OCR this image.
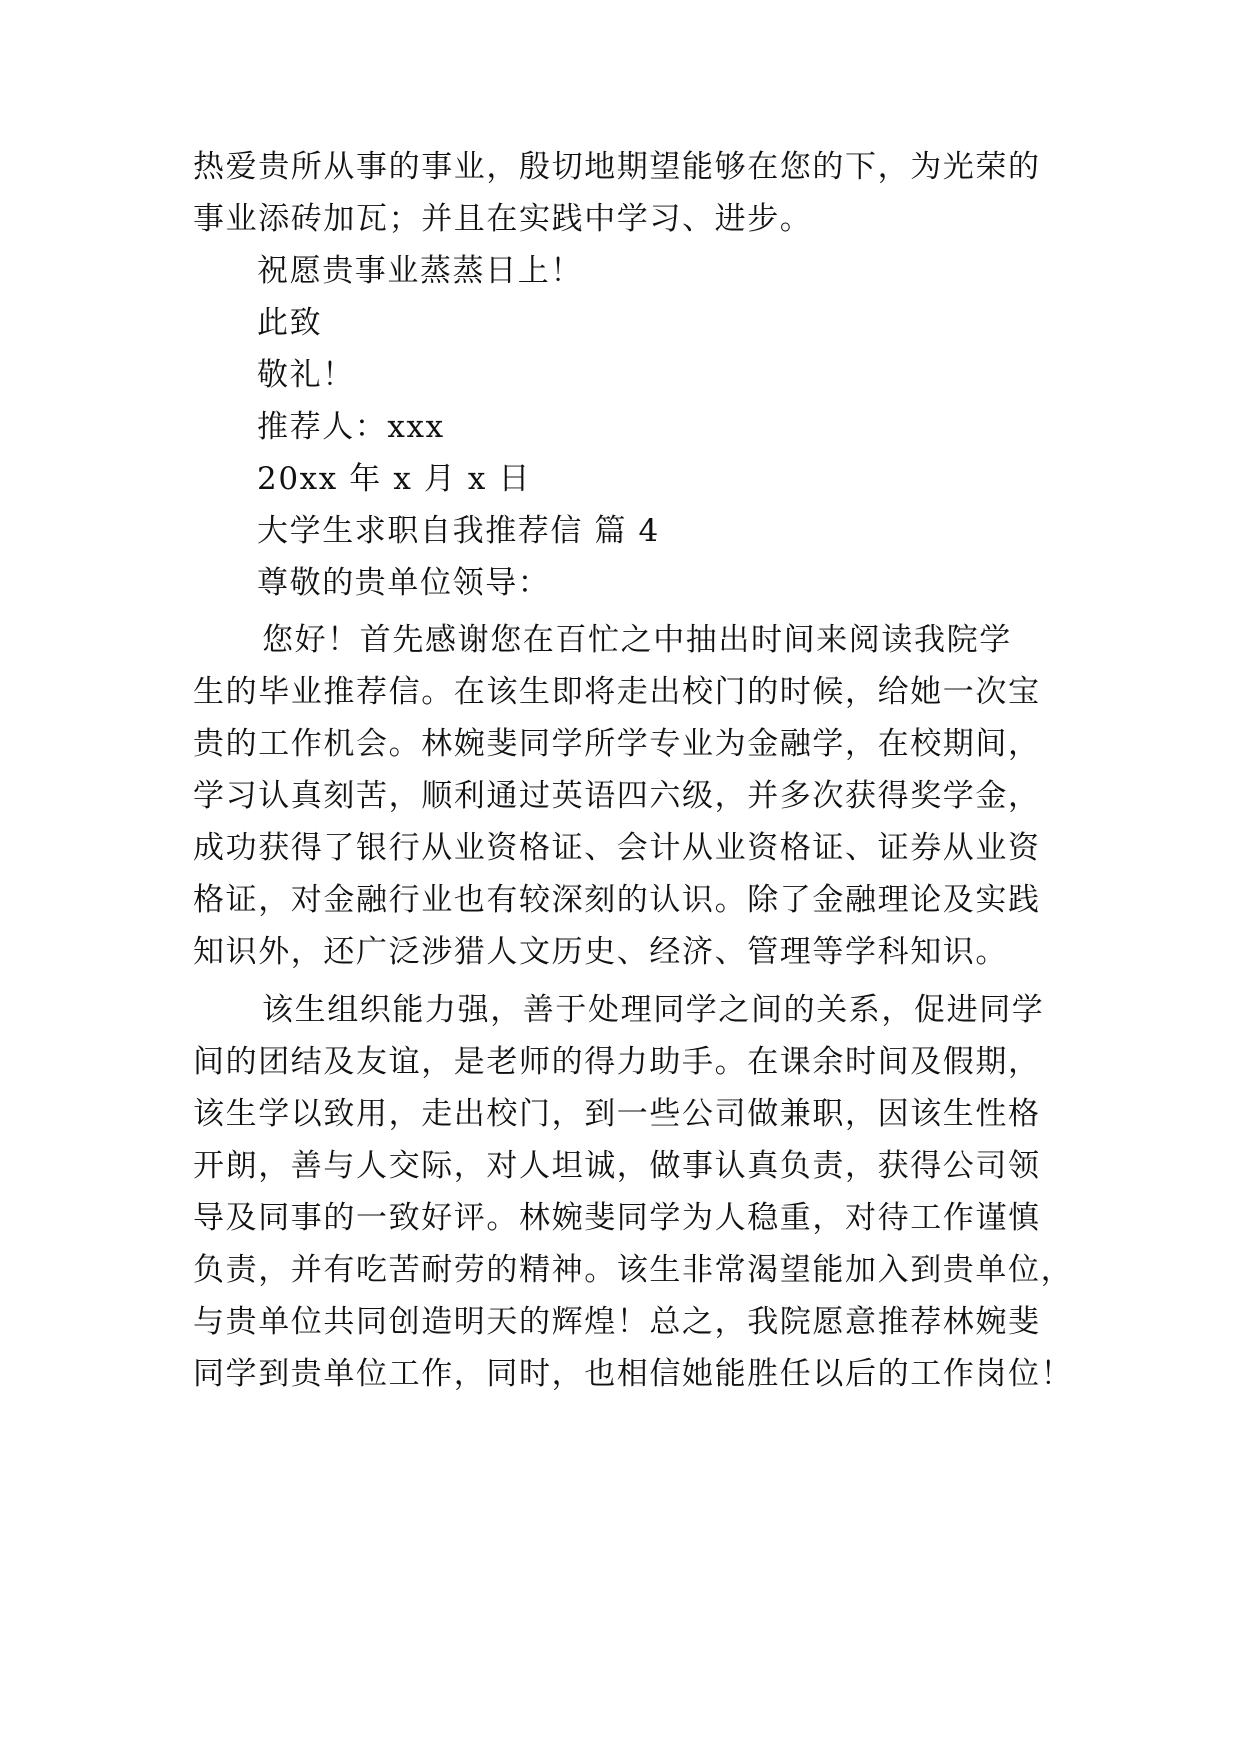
热爱贵所从事的事业，殷切地期望能够在您的下，为光荣的
事业添砖加瓦；并且在实践中学习、进步。
祝愿贵事业蒸蒸日上！
此致
敬礼！
推荐人：xxx
20xx 年 x 月 x 日
大学生求职自我推荐信 篇 4
尊敬的贵单位领导：
您好！首先感谢您在百忙之中抽出时间来阅读我院学
生的毕业推荐信。在该生即将走出校门的时候，给她一次宝
贵的工作机会。林婉斐同学所学专业为金融学，在校期间，
学习认真刻苦，顺利通过英语四六级，并多次获得奖学金，
成功获得了银行从业资格证、会计从业资格证、证券从业资
格证，对金融行业也有较深刻的认识。除了金融理论及实践
知识外，还广泛涉猎人文历史、经济、管理等学科知识。
该生组织能力强，善于处理同学之间的关系，促进同学
间的团结及友谊，是老师的得力助手。在课余时间及假期，
该生学以致用，走出校门，到一些公司做兼职，因该生性格
开朗，善与人交际，对人坦诚，做事认真负责，获得公司领
导及同事的一致好评。林婉斐同学为人稳重，对待工作谨慎
负责，并有吃苦耐劳的精神。该生非常渴望能加入到贵单位，
与贵单位共同创造明天的辉煌！总之，我院愿意推荐林婉斐
同学到贵单位工作，同时，也相信她能胜任以后的工作岗位！
